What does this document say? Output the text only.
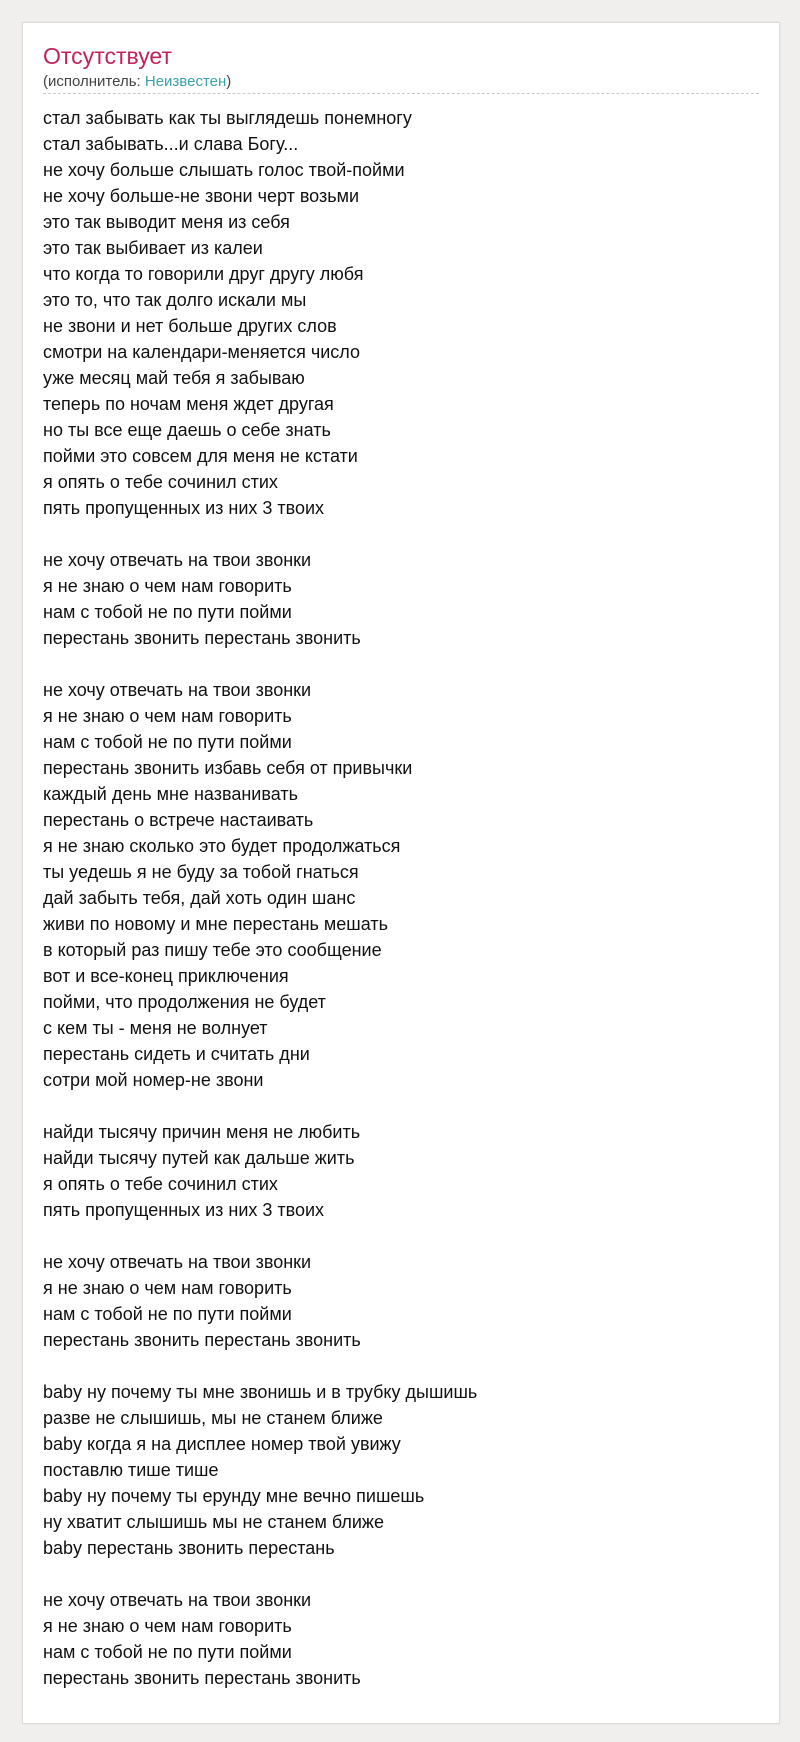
Отсутствует

(исполнитель: Неизвестен)

стал забывать как ты выглядешь понемногу
стал забывать...и слава Богу...
не хочу больше слышать голос твой-пойми
не хочу больше-не звони черт возьми
это так выводит меня из себя
это так выбивает из калеи
что когда то говорили друг другу любя
это то, что так долго искали мы
не звони и нет больше других слов
смотри на календари-меняется число
уже месяц май тебя я забываю
теперь по ночам меня ждет другая
но ты все еще даешь о себе знать
пойми это совсем для меня не кстати
я опять о тебе сочинил стих
пять пропущенных из них 3 твоих
не хочу отвечать на твои звонки
я не знаю о чем нам говорить
нам с тобой не по пути пойми
перестань звонить перестань звонить
не хочу отвечать на твои звонки
я не знаю о чем нам говорить
нам с тобой не по пути пойми
перестань звонить избавь себя от привычки
каждый день мне названивать
перестань о встрече настаивать
я не знаю сколько это будет продолжаться
ты уедешь я не буду за тобой гнаться
дай забыть тебя, дай хоть один шанс
живи по новому и мне перестань мешать
в который раз пишу тебе это сообщение
вот и все-конец приключения
пойми, что продолжения не будет
с кем ты - меня не волнует
перестань сидеть и считать дни
сотри мой номер-не звони
найди тысячу причин меня не любить
найди тысячу путей как дальше жить
я опять о тебе сочинил стих
пять пропущенных из них 3 твоих
не хочу отвечать на твои звонки
я не знаю о чем нам говорить
нам с тобой не по пути пойми
перестань звонить перестань звонить
baby ну почему ты мне звонишь и в трубку дышишь
разве не слышишь, мы не станем ближе
baby когда я на дисплее номер твой увижу
поставлю тише тише
baby ну почему ты ерунду мне вечно пишешь
ну хватит слышишь мы не станем ближе
baby перестань звонить перестань
не хочу отвечать на твои звонки
я не знаю о чем нам говорить
нам с тобой не по пути пойми
перестань звонить перестань звонить
